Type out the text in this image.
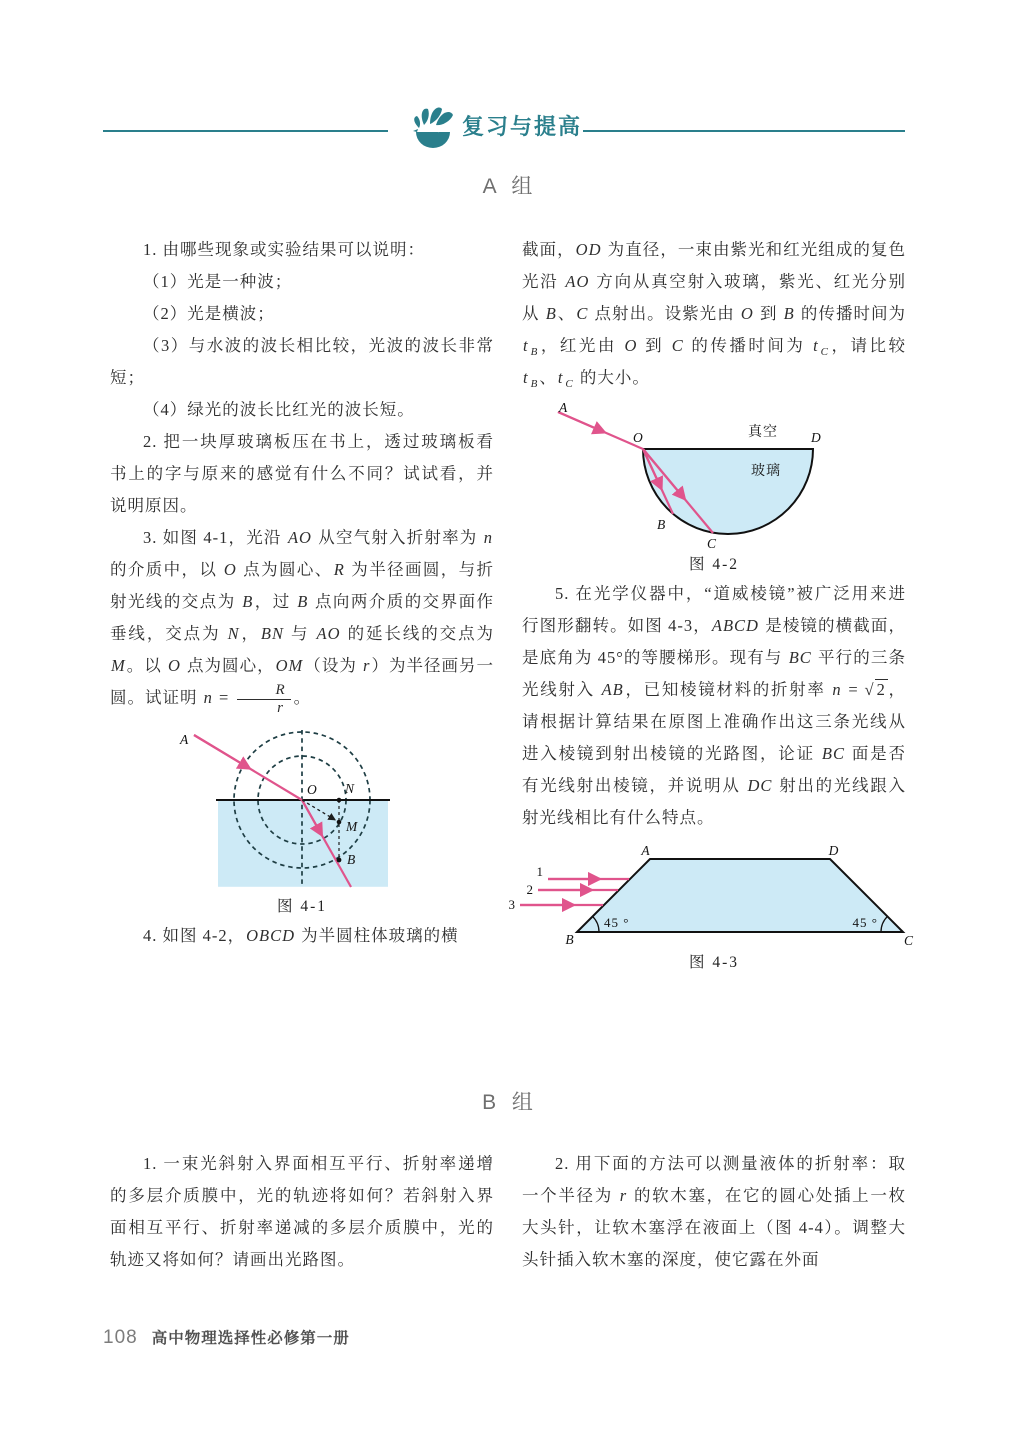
复习与提高
A 组

1. 由哪些现象或实验结果可以说明：

（1）光是一种波；

（2）光是横波；

（3）与水波的波长相比较，光波的波长非常短；

（4）绿光的波长比红光的波长短。

2. 把一块厚玻璃板压在书上，透过玻璃板看书上的字与原来的感觉有什么不同？试试看，并说明原因。

3. 如图 4-1，光沿 AO 从空气射入折射率为 n 的介质中，以 O 点为圆心、R 为半径画圆，与折射光线的交点为 B，过 B 点向两介质的交界面作垂线，交点为 N，BN 与 AO 的延长线的交点为 M。以 O 点为圆心，OM（设为 r）为半径画另一圆。试证明 $n = \frac{R}{r}$ 。

A
O N
M
B
图 4-1

4. 如图 4-2，OBCD 为半圆柱体玻璃的横

截面，OD 为直径，一束由紫光和红光组成的复色光沿 AO 方向从真空射入玻璃，紫光、红光分别从 B、C 点射出。设紫光由 O 到 B 的传播时间为 t $_B$，红光由 O 到 C 的传播时间为 t $_C$，请比较 t $_B$、t $_C$ 的大小。

A
O	D
B
C
真空
玻璃
图 4-2

5. 在光学仪器中，“道威棱镜”被广泛用来进行图形翻转。如图 4-3，ABCD 是棱镜的横截面，是底角为 45°的等腰梯形。现有与 BC 平行的三条光线射入 AB，已知棱镜材料的折射率 n = √ 2 ，请根据计算结果在原图上准确作出这三条光线从进入棱镜到射出棱镜的光路图，论证 BC 面是否有光线射出棱镜，并说明从 DC 射出的光线跟入射光线相比有什么特点。

1
2
3
A	D
B	C
45 °	45 °
图 4-3
B 组

1. 一束光斜射入界面相互平行、折射率递增的多层介质膜中，光的轨迹将如何？若斜射入界面相互平行、折射率递减的多层介质膜中，光的轨迹又将如何？请画出光路图。

2. 用下面的方法可以测量液体的折射率：取一个半径为 r 的软木塞，在它的圆心处插上一枚大头针，让软木塞浮在液面上（图 4-4）。调整大头针插入软木塞的深度，使它露在外面

108 高中物理选择性必修第一册
